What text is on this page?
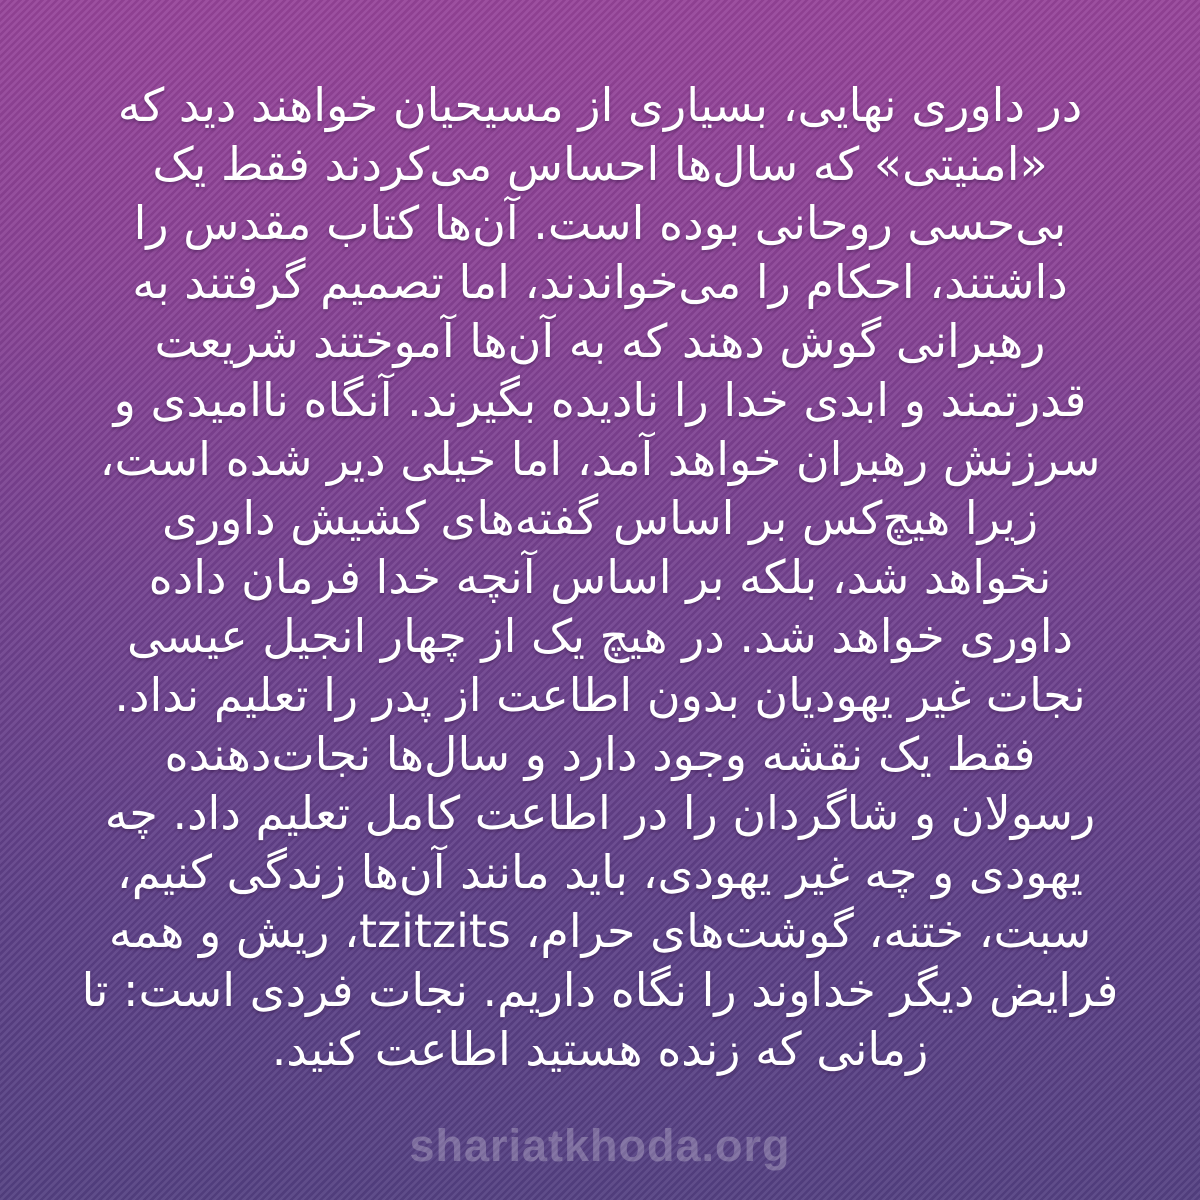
در داوری نهایی، بسیاری از مسیحیان خواهند دید که
«امنیتی» که سال‌ها احساس می‌کردند فقط یک
بی‌حسی روحانی بوده است. آن‌ها کتاب مقدس را
داشتند، احکام را می‌خواندند، اما تصمیم گرفتند به
رهبرانی گوش دهند که به آن‌ها آموختند شریعت
قدرتمند و ابدی خدا را نادیده بگیرند. آنگاه ناامیدی و
سرزنش رهبران خواهد آمد، اما خیلی دیر شده است،
زیرا هیچ‌کس بر اساس گفته‌های کشیش داوری
نخواهد شد، بلکه بر اساس آنچه خدا فرمان داده
داوری خواهد شد. در هیچ یک از چهار انجیل عیسی
نجات غیر یهودیان بدون اطاعت از پدر را تعلیم نداد.
فقط یک نقشه وجود دارد و سال‌ها نجات‌دهنده
رسولان و شاگردان را در اطاعت کامل تعلیم داد. چه
یهودی و چه غیر یهودی، باید مانند آن‌ها زندگی کنیم،
سبت، ختنه، گوشت‌های حرام، tzitzits، ریش و همه
فرایض دیگر خداوند را نگاه داریم. نجات فردی است: تا
زمانی که زنده هستید اطاعت کنید.
shariatkhoda.org
